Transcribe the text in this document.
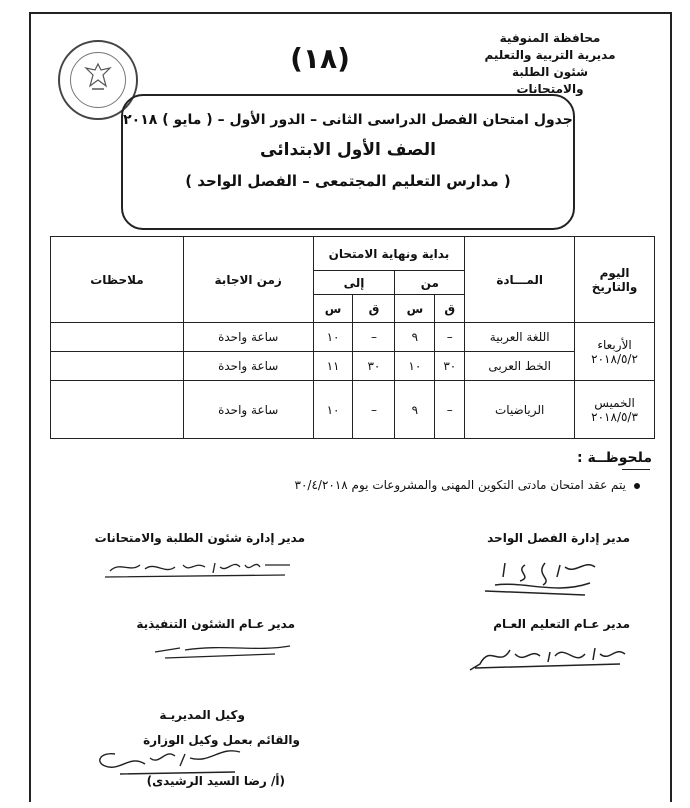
(١٨)
محافظة المنوفية
مديرية التربية والتعليم
شئون الطلبة والامتحانات
جدول امتحان الفصل الدراسى الثانى – الدور الأول – ( مايو ) ٢٠١٨
الصف الأول الابتدائى
( مدارس التعليم المجتمعى – الفصل الواحد )
اليوم والتاريخ	المـــادة	بداية ونهاية الامتحان				زمن الاجابة	ملاحظات
		من		إلى			
		ق	س	ق	س		

الأربعاء
٢٠١٨/٥/٢	اللغة العربية	–	٩	–	١٠	ساعة واحدة	
	الخط العربى	٣٠	١٠	٣٠	١١	ساعة واحدة	

الخميس
٢٠١٨/٥/٣	الرياضيات	–	٩	–	١٠	ساعة واحدة	
ملحوظــة :
يتم عقد امتحان مادتى التكوين المهنى والمشروعات يوم ٣٠/٤/٢٠١٨
مدير إدارة الفصل الواحد
مدير إدارة شئون الطلبة والامتحانات
مدير عـام التعليم العـام
مدير عـام الشئون التنفيذية
وكيل المديريـة
والقائم بعمل وكيل الوزارة
(أ/ رضا السيد الرشيدى)
